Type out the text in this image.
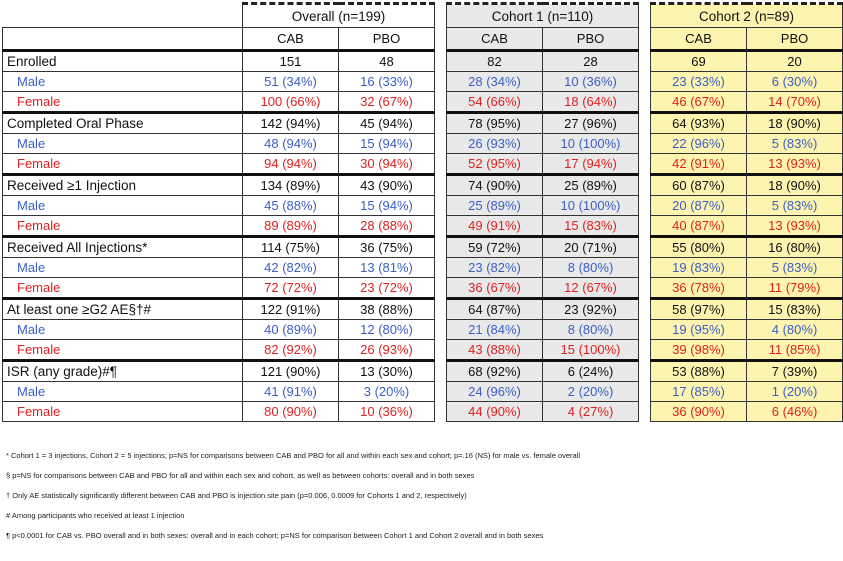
	Overall (n=199)			Cohort 1 (n=110)			Cohort 2 (n=89)	
	CAB	PBO		CAB	PBO		CAB	PBO
Enrolled	151	48		82	28		69	20
Male	51 (34%)	16 (33%)		28 (34%)	10 (36%)		23 (33%)	6 (30%)
Female	100 (66%)	32 (67%)		54 (66%)	18 (64%)		46 (67%)	14 (70%)
Completed Oral Phase	142 (94%)	45 (94%)		78 (95%)	27 (96%)		64 (93%)	18 (90%)
Male	48 (94%)	15 (94%)		26 (93%)	10 (100%)		22 (96%)	5 (83%)
Female	94 (94%)	30 (94%)		52 (95%)	17 (94%)		42 (91%)	13 (93%)
Received ≥1 Injection	134 (89%)	43 (90%)		74 (90%)	25 (89%)		60 (87%)	18 (90%)
Male	45 (88%)	15 (94%)		25 (89%)	10 (100%)		20 (87%)	5 (83%)
Female	89 (89%)	28 (88%)		49 (91%)	15 (83%)		40 (87%)	13 (93%)
Received All Injections*	114 (75%)	36 (75%)		59 (72%)	20 (71%)		55 (80%)	16 (80%)
Male	42 (82%)	13 (81%)		23 (82%)	8 (80%)		19 (83%)	5 (83%)
Female	72 (72%)	23 (72%)		36 (67%)	12 (67%)		36 (78%)	11 (79%)
At least one ≥G2 AE§†#	122 (91%)	38 (88%)		64 (87%)	23 (92%)		58 (97%)	15 (83%)
Male	40 (89%)	12 (80%)		21 (84%)	8 (80%)		19 (95%)	4 (80%)
Female	82 (92%)	26 (93%)		43 (88%)	15 (100%)		39 (98%)	11 (85%)
ISR (any grade)#¶	121 (90%)	13 (30%)		68 (92%)	6 (24%)		53 (88%)	7 (39%)
Male	41 (91%)	3 (20%)		24 (96%)	2 (20%)		17 (85%)	1 (20%)
Female	80 (90%)	10 (36%)		44 (90%)	4 (27%)		36 (90%)	6 (46%)
* Cohort 1 = 3 injections, Cohort 2 = 5 injections; p=NS for comparisons between CAB and PBO for all and within each sex and cohort; p=.16 (NS) for male vs. female overall
§ p=NS for comparisons between CAB and PBO for all and within each sex and cohort, as well as between cohorts: overall and in both sexes
† Only AE statistically significantly different between CAB and PBO is injection site pain (p=0.006, 0.0009 for Cohorts 1 and 2, respectively)
# Among participants who received at least 1 injection
¶ p<0.0001 for CAB vs. PBO overall and in both sexes: overall and in each cohort; p=NS for comparison between Cohort 1 and Cohort 2 overall and in both sexes
